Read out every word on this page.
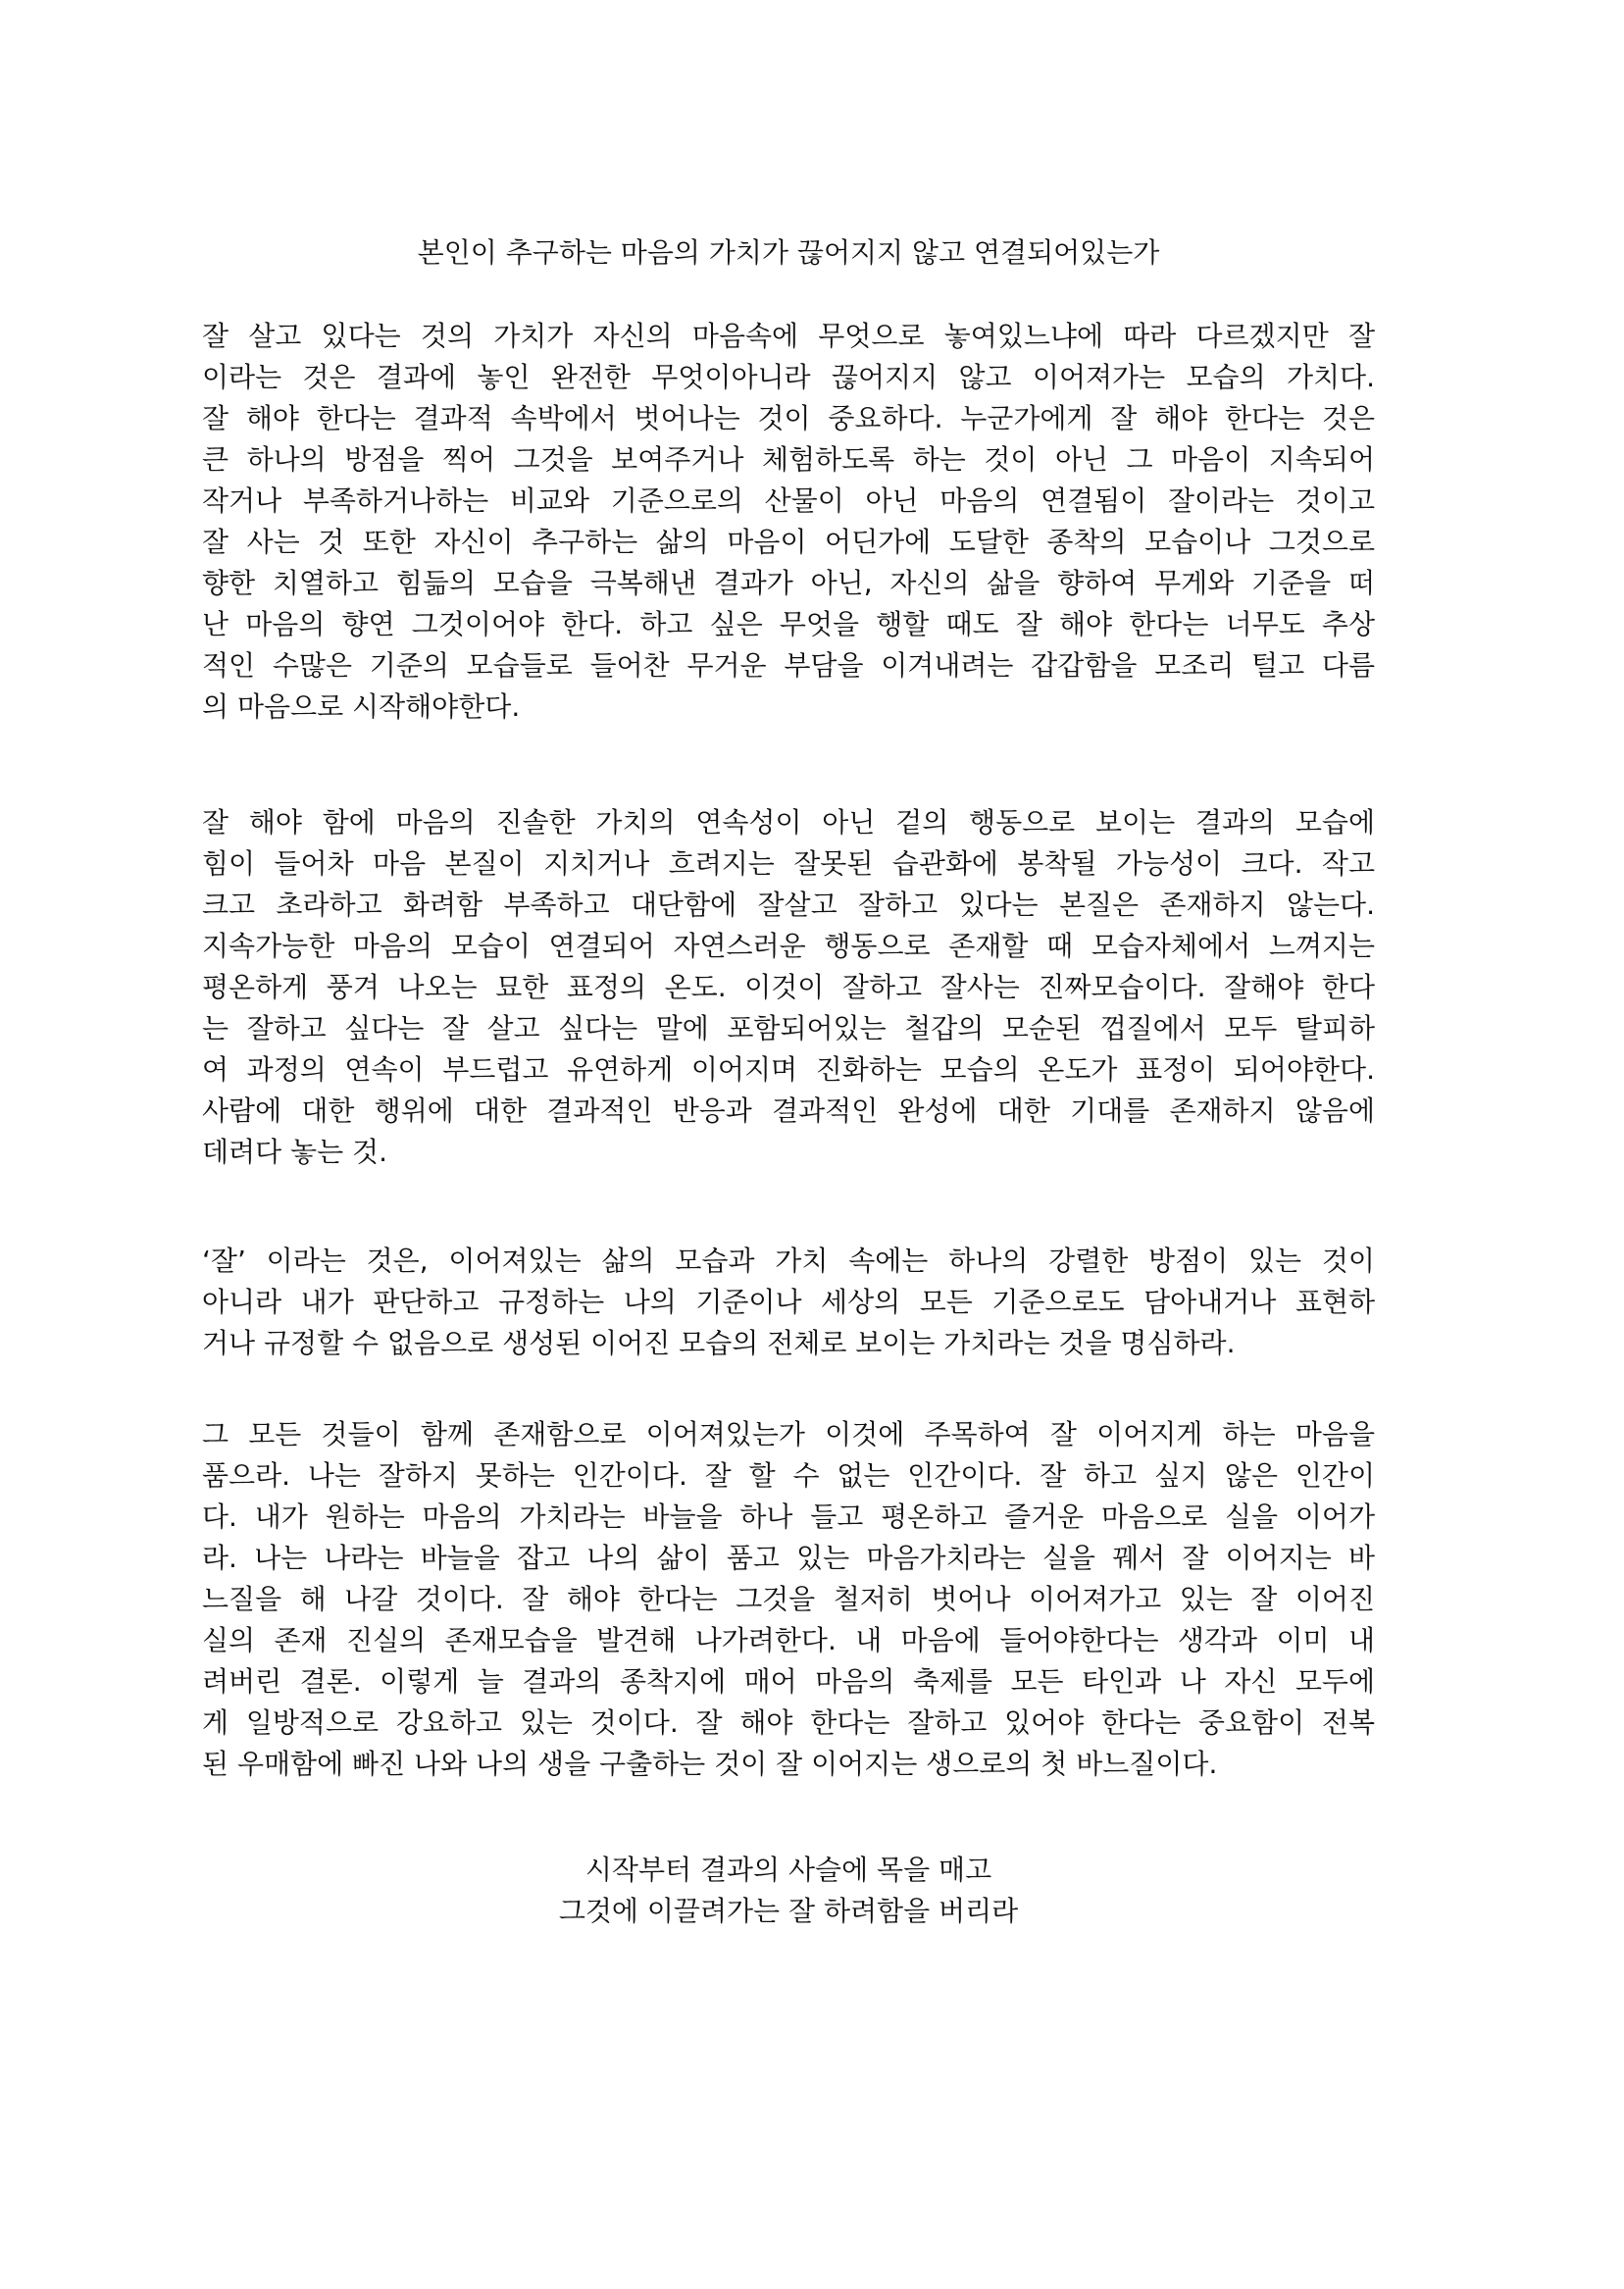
본인이 추구하는 마음의 가치가 끊어지지 않고 연결되어있는가
잘 살고 있다는 것의 가치가 자신의 마음속에 무엇으로 놓여있느냐에 따라 다르겠지만 잘
이라는 것은 결과에 놓인 완전한 무엇이아니라 끊어지지 않고 이어져가는 모습의 가치다.
잘 해야 한다는 결과적 속박에서 벗어나는 것이 중요하다. 누군가에게 잘 해야 한다는 것은
큰 하나의 방점을 찍어 그것을 보여주거나 체험하도록 하는 것이 아닌 그 마음이 지속되어
작거나 부족하거나하는 비교와 기준으로의 산물이 아닌 마음의 연결됨이 잘이라는 것이고
잘 사는 것 또한 자신이 추구하는 삶의 마음이 어딘가에 도달한 종착의 모습이나 그것으로
향한 치열하고 힘듦의 모습을 극복해낸 결과가 아닌, 자신의 삶을 향하여 무게와 기준을 떠
난 마음의 향연 그것이어야 한다. 하고 싶은 무엇을 행할 때도 잘 해야 한다는 너무도 추상
적인 수많은 기준의 모습들로 들어찬 무거운 부담을 이겨내려는 갑갑함을 모조리 털고 다름
의 마음으로 시작해야한다.
잘 해야 함에 마음의 진솔한 가치의 연속성이 아닌 겉의 행동으로 보이는 결과의 모습에
힘이 들어차 마음 본질이 지치거나 흐려지는 잘못된 습관화에 봉착될 가능성이 크다. 작고
크고 초라하고 화려함 부족하고 대단함에 잘살고 잘하고 있다는 본질은 존재하지 않는다.
지속가능한 마음의 모습이 연결되어 자연스러운 행동으로 존재할 때 모습자체에서 느껴지는
평온하게 풍겨 나오는 묘한 표정의 온도. 이것이 잘하고 잘사는 진짜모습이다. 잘해야 한다
는 잘하고 싶다는 잘 살고 싶다는 말에 포함되어있는 철갑의 모순된 껍질에서 모두 탈피하
여 과정의 연속이 부드럽고 유연하게 이어지며 진화하는 모습의 온도가 표정이 되어야한다.
사람에 대한 행위에 대한 결과적인 반응과 결과적인 완성에 대한 기대를 존재하지 않음에
데려다 놓는 것.
‘잘’ 이라는 것은, 이어져있는 삶의 모습과 가치 속에는 하나의 강렬한 방점이 있는 것이
아니라 내가 판단하고 규정하는 나의 기준이나 세상의 모든 기준으로도 담아내거나 표현하
거나 규정할 수 없음으로 생성된 이어진 모습의 전체로 보이는 가치라는 것을 명심하라.
그 모든 것들이 함께 존재함으로 이어져있는가 이것에 주목하여 잘 이어지게 하는 마음을
품으라. 나는 잘하지 못하는 인간이다. 잘 할 수 없는 인간이다. 잘 하고 싶지 않은 인간이
다. 내가 원하는 마음의 가치라는 바늘을 하나 들고 평온하고 즐거운 마음으로 실을 이어가
라. 나는 나라는 바늘을 잡고 나의 삶이 품고 있는 마음가치라는 실을 꿰서 잘 이어지는 바
느질을 해 나갈 것이다. 잘 해야 한다는 그것을 철저히 벗어나 이어져가고 있는 잘 이어진
실의 존재 진실의 존재모습을 발견해 나가려한다. 내 마음에 들어야한다는 생각과 이미 내
려버린 결론. 이렇게 늘 결과의 종착지에 매어 마음의 축제를 모든 타인과 나 자신 모두에
게 일방적으로 강요하고 있는 것이다. 잘 해야 한다는 잘하고 있어야 한다는 중요함이 전복
된 우매함에 빠진 나와 나의 생을 구출하는 것이 잘 이어지는 생으로의 첫 바느질이다.
시작부터 결과의 사슬에 목을 매고
그것에 이끌려가는 잘 하려함을 버리라
